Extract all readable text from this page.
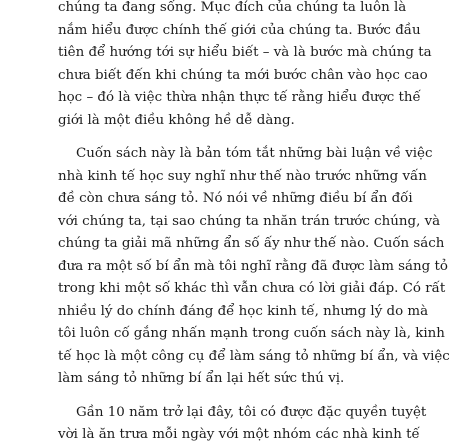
chúng ta đang sống. Mục đích của chúng ta luôn là
nắm hiểu được chính thế giới của chúng ta. Bước đầu
tiên để hướng tới sự hiểu biết – và là bước mà chúng ta
chưa biết đến khi chúng ta mới bước chân vào học cao
học – đó là việc thừa nhận thực tế rằng hiểu được thế
giới là một điều không hề dễ dàng.
Cuốn sách này là bản tóm tắt những bài luận về việc
nhà kinh tế học suy nghĩ như thế nào trước những vấn
đề còn chưa sáng tỏ. Nó nói về những điều bí ẩn đối
với chúng ta, tại sao chúng ta nhăn trán trước chúng, và
chúng ta giải mã những ẩn số ấy như thế nào. Cuốn sách
đưa ra một số bí ẩn mà tôi nghĩ rằng đã được làm sáng tỏ
trong khi một số khác thì vẫn chưa có lời giải đáp. Có rất
nhiều lý do chính đáng để học kinh tế, nhưng lý do mà
tôi luôn cố gắng nhấn mạnh trong cuốn sách này là, kinh
tế học là một công cụ để làm sáng tỏ những bí ẩn, và việc
làm sáng tỏ những bí ẩn lại hết sức thú vị.
Gần 10 năm trở lại đây, tôi có được đặc quyền tuyệt
vời là ăn trưa mỗi ngày với một nhóm các nhà kinh tế
